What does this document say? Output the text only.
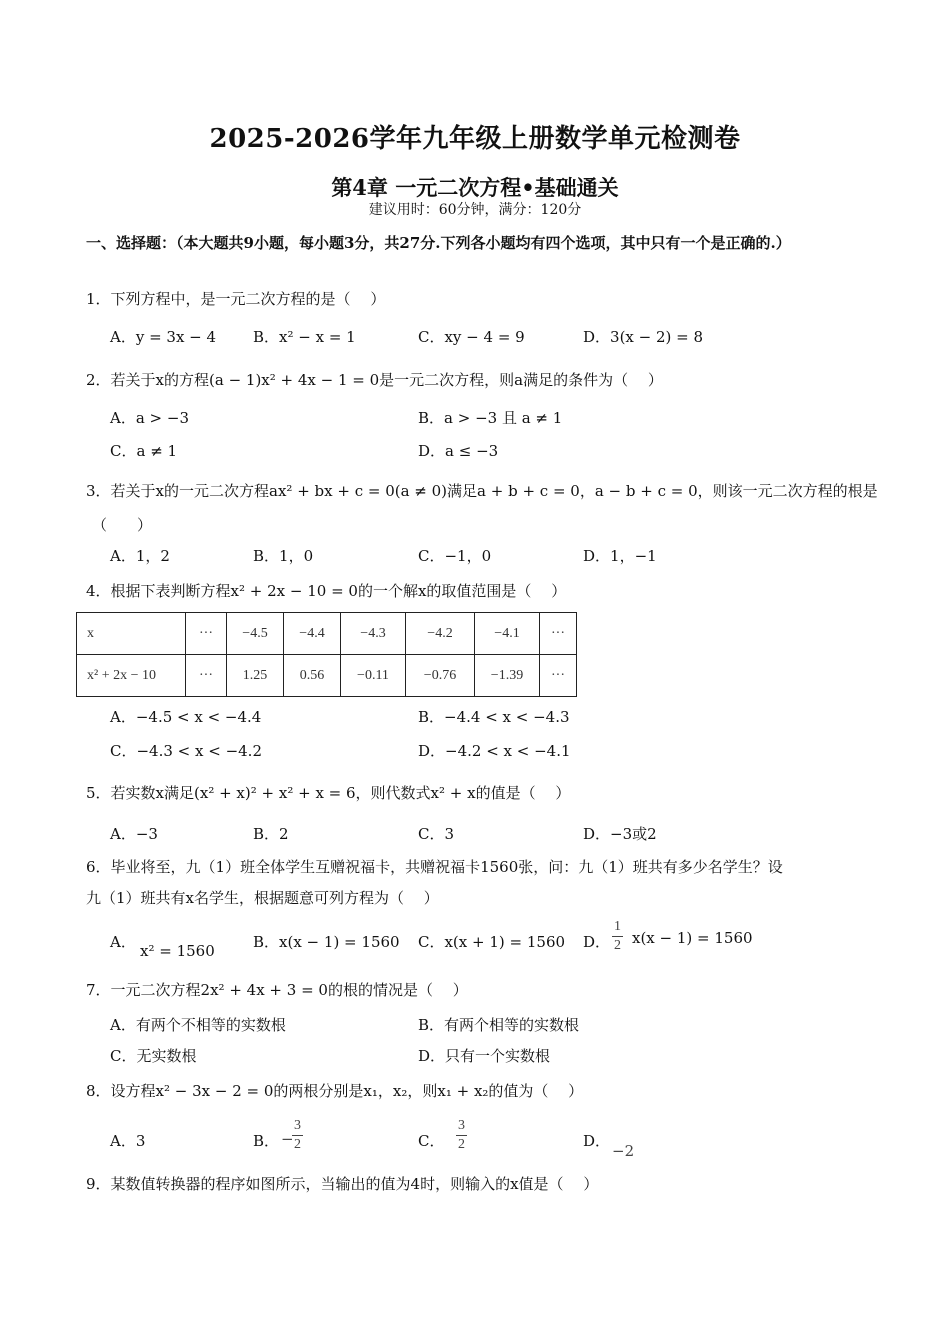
2025-2026学年九年级上册数学单元检测卷
第4章 一元二次方程•基础通关
建议用时：60分钟，满分：120分
一、选择题：（本大题共9小题，每小题3分，共27分.下列各小题均有四个选项，其中只有一个是正确的.）
1．下列方程中，是一元二次方程的是（　 ）
A．y = 3x − 4 B．x² − x = 1	C．xy − 4 = 9	D．3(x − 2) = 8
2．若关于x的方程(a − 1)x² + 4x − 1 = 0是一元二次方程，则a满足的条件为（　 ）
A．a > −3	B．a > −3 且 a ≠ 1
C．a ≠ 1	D．a ≤ −3
3．若关于x的一元二次方程ax² + bx + c = 0(a ≠ 0)满足a + b + c = 0，a − b + c = 0，则该一元二次方程的根是
（　　）
A．1，2	B．1，0	C．−1，0	D．1，−1
4．根据下表判断方程x² + 2x − 10 = 0的一个解x的取值范围是（　 ）
x	···	−4.5	−4.4	−4.3	−4.2	−4.1	···
x² + 2x − 10	···	1.25	0.56	−0.11	−0.76	−1.39	···
A．−4.5 < x < −4.4	B．−4.4 < x < −4.3
C．−4.3 < x < −4.2	D．−4.2 < x < −4.1
5．若实数x满足(x² + x)² + x² + x = 6，则代数式x² + x的值是（　 ）
A．−3	B．2	C．3	D．−3或2
6．毕业将至，九（1）班全体学生互赠祝福卡，共赠祝福卡1560张，问：九（1）班共有多少名学生？设
九（1）班共有x名学生，根据题意可列方程为（　 ）
A． x² = 1560	B．x(x − 1) = 1560 C．x(x + 1) = 1560 D． $\frac{1}{2} x(x - 1) = 1560$
7．一元二次方程2x² + 4x + 3 = 0的根的情况是（　 ）
A．有两个不相等的实数根	B．有两个相等的实数根
C．无实数根	D．只有一个实数根
8．设方程x² − 3x − 2 = 0的两根分别是x₁，x₂，则x₁ + x₂的值为（　 ）
A．3	B． −
$\frac{3}{2}$	C． $\frac{3}{2}$	D．
−2
9．某数值转换器的程序如图所示，当输出的值为4时，则输入的x值是（　 ）
